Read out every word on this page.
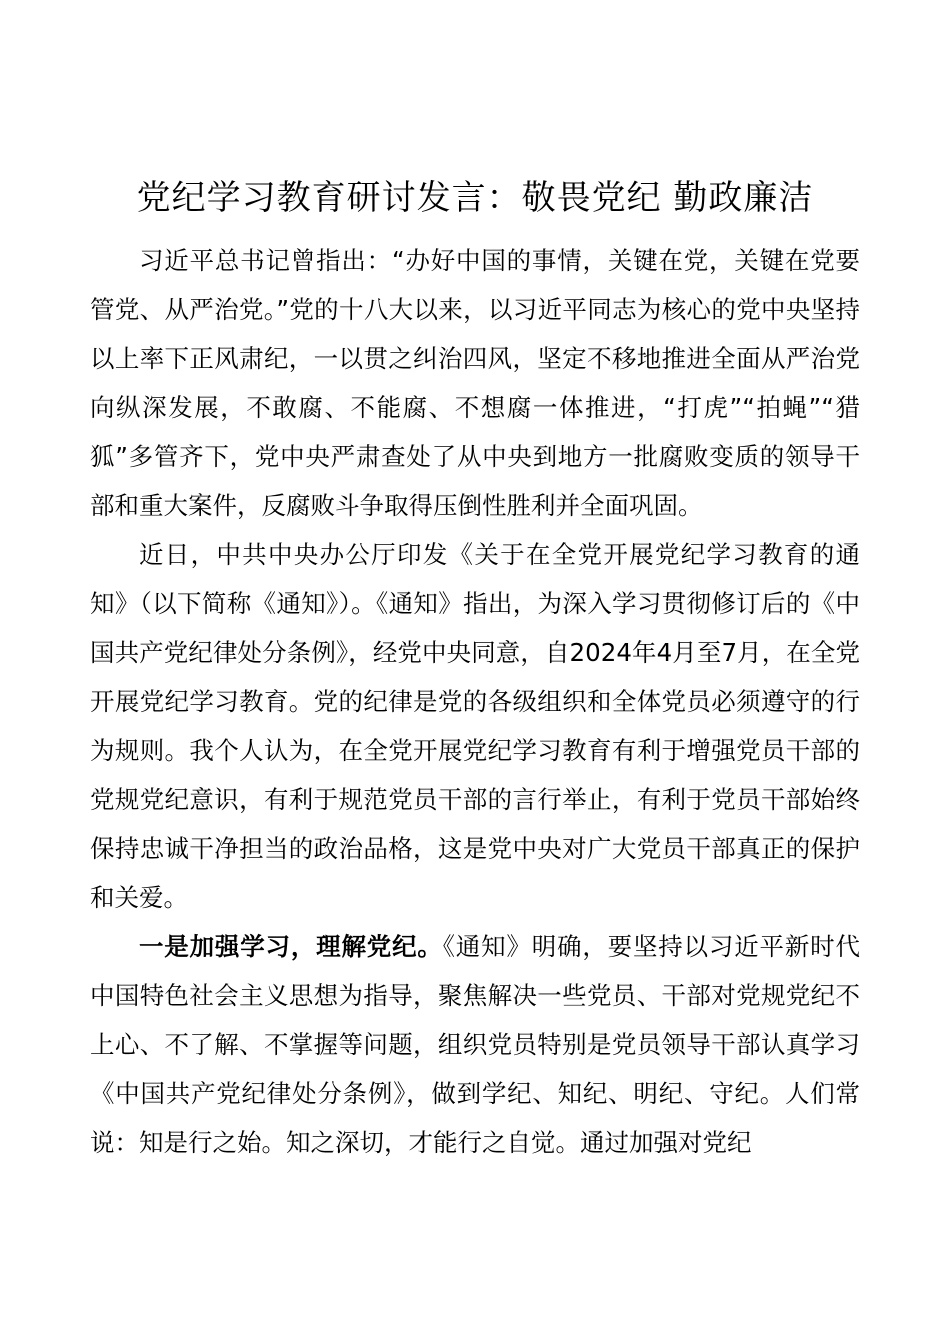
党纪学习教育研讨发言：敬畏党纪 勤政廉洁

习近平总书记曾指出：“办好中国的事情，关键在党，关键在党要管党、从严治党。”党的十八大以来，以习近平同志为核心的党中央坚持以上率下正风肃纪，一以贯之纠治四风，坚定不移地推进全面从严治党向纵深发展，不敢腐、不能腐、不想腐一体推进，“打虎”“拍蝇”“猎狐”多管齐下，党中央严肃查处了从中央到地方一批腐败变质的领导干部和重大案件，反腐败斗争取得压倒性胜利并全面巩固。

近日，中共中央办公厅印发《关于在全党开展党纪学习教育的通知》（以下简称《通知》）。《通知》指出，为深入学习贯彻修订后的《中国共产党纪律处分条例》，经党中央同意，自2024年4月至7月，在全党开展党纪学习教育。党的纪律是党的各级组织和全体党员必须遵守的行为规则。我个人认为，在全党开展党纪学习教育有利于增强党员干部的党规党纪意识，有利于规范党员干部的言行举止，有利于党员干部始终保持忠诚干净担当的政治品格，这是党中央对广大党员干部真正的保护和关爱。

一是加强学习，理解党纪。《通知》明确，要坚持以习近平新时代中国特色社会主义思想为指导，聚焦解决一些党员、干部对党规党纪不上心、不了解、不掌握等问题，组织党员特别是党员领导干部认真学习《中国共产党纪律处分条例》，做到学纪、知纪、明纪、守纪。人们常说：知是行之始。知之深切，才能行之自觉。通过加强对党纪
